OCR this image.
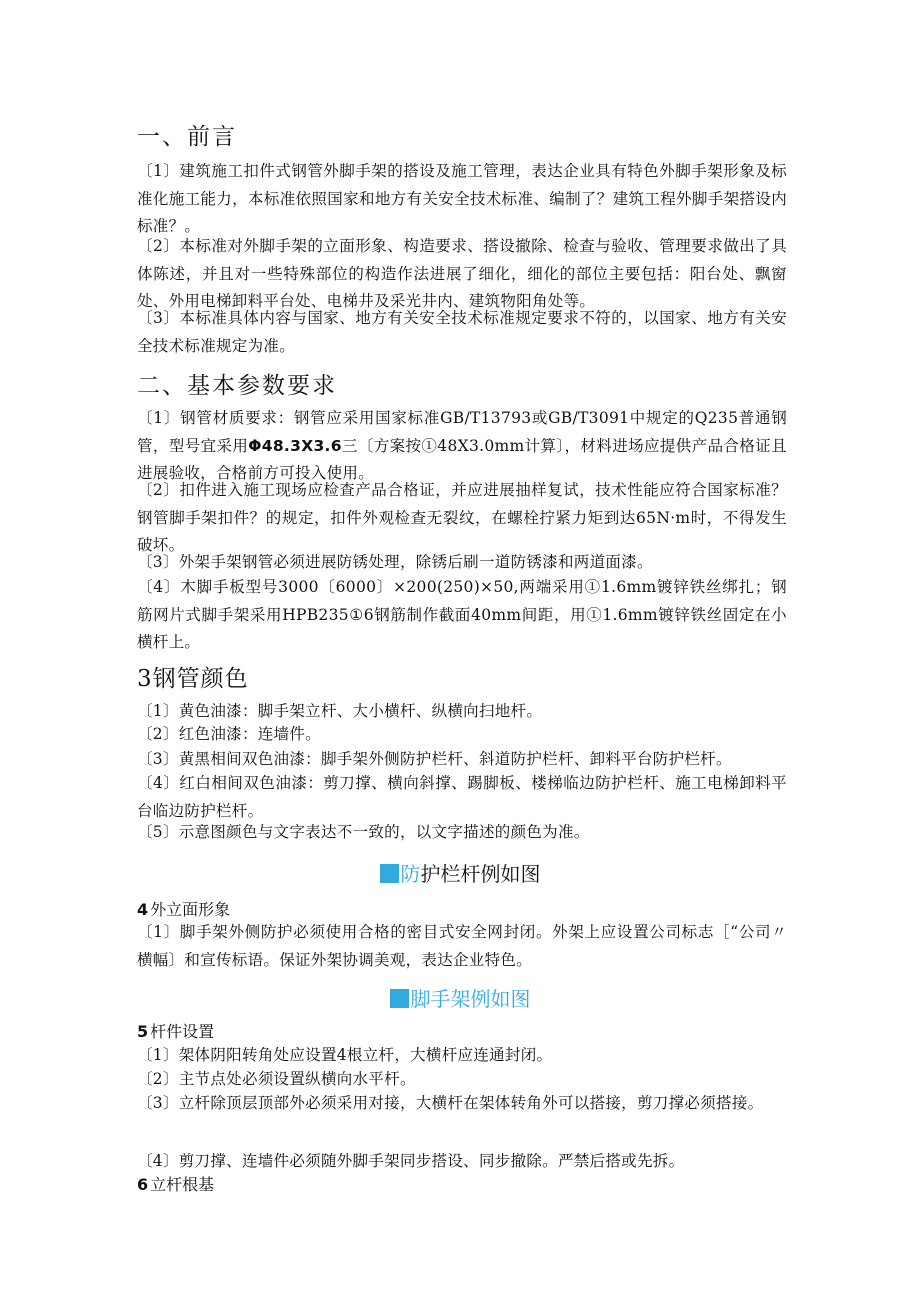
一、前言

〔1〕建筑施工扣件式钢管外脚手架的搭设及施工管理，表达企业具有特色外脚手架形象及标准化施工能力，本标准依照国家和地方有关安全技术标准、编制了？建筑工程外脚手架搭设内标准？。

〔2〕本标准对外脚手架的立面形象、构造要求、搭设撤除、检查与验收、管理要求做出了具体陈述，并且对一些特殊部位的构造作法进展了细化，细化的部位主要包括：阳台处、飘窗处、外用电梯卸料平台处、电梯井及采光井内、建筑物阳角处等。

〔3〕本标准具体内容与国家、地方有关安全技术标准规定要求不符的，以国家、地方有关安全技术标准规定为准。

二、基本参数要求

〔1〕钢管材质要求：钢管应采用国家标准GB/T13793或GB/T3091中规定的Q235普通钢管，型号宜采用Φ48.3X3.6三〔方案按①48X3.0mm计算〕，材料进场应提供产品合格证且进展验收，合格前方可投入使用。

〔2〕扣件进入施工现场应检查产品合格证，并应进展抽样复试，技术性能应符合国家标准？钢管脚手架扣件？的规定，扣件外观检查无裂纹，在螺栓拧紧力矩到达65N·m时，不得发生破坏。

〔3〕外架手架钢管必须进展防锈处理，除锈后刷一道防锈漆和两道面漆。

〔4〕木脚手板型号3000〔6000〕×200(250)×50,两端采用①1.6mm镀锌铁丝绑扎；钢筋网片式脚手架采用HPB235①6钢筋制作截面40mm间距，用①1.6mm镀锌铁丝固定在小横杆上。

3钢管颜色

〔1〕黄色油漆：脚手架立杆、大小横杆、纵横向扫地杆。

〔2〕红色油漆：连墙件。

〔3〕黄黑相间双色油漆：脚手架外侧防护栏杆、斜道防护栏杆、卸料平台防护栏杆。

〔4〕红白相间双色油漆：剪刀撑、横向斜撑、踢脚板、楼梯临边防护栏杆、施工电梯卸料平台临边防护栏杆。

〔5〕示意图颜色与文字表达不一致的，以文字描述的颜色为准。

防护栏杆例如图

4 外立面形象

〔1〕脚手架外侧防护必须使用合格的密目式安全网封闭。外架上应设置公司标志［“公司〃横幅〕和宣传标语。保证外架协调美观，表达企业特色。

脚手架例如图

5 杆件设置

〔1〕架体阴阳转角处应设置4根立杆，大横杆应连通封闭。

〔2〕主节点处必须设置纵横向水平杆。

〔3〕立杆除顶层顶部外必须采用对接，大横杆在架体转角外可以搭接，剪刀撑必须搭接。

〔4〕剪刀撑、连墙件必须随外脚手架同步搭设、同步撤除。严禁后搭或先拆。

6 立杆根基
